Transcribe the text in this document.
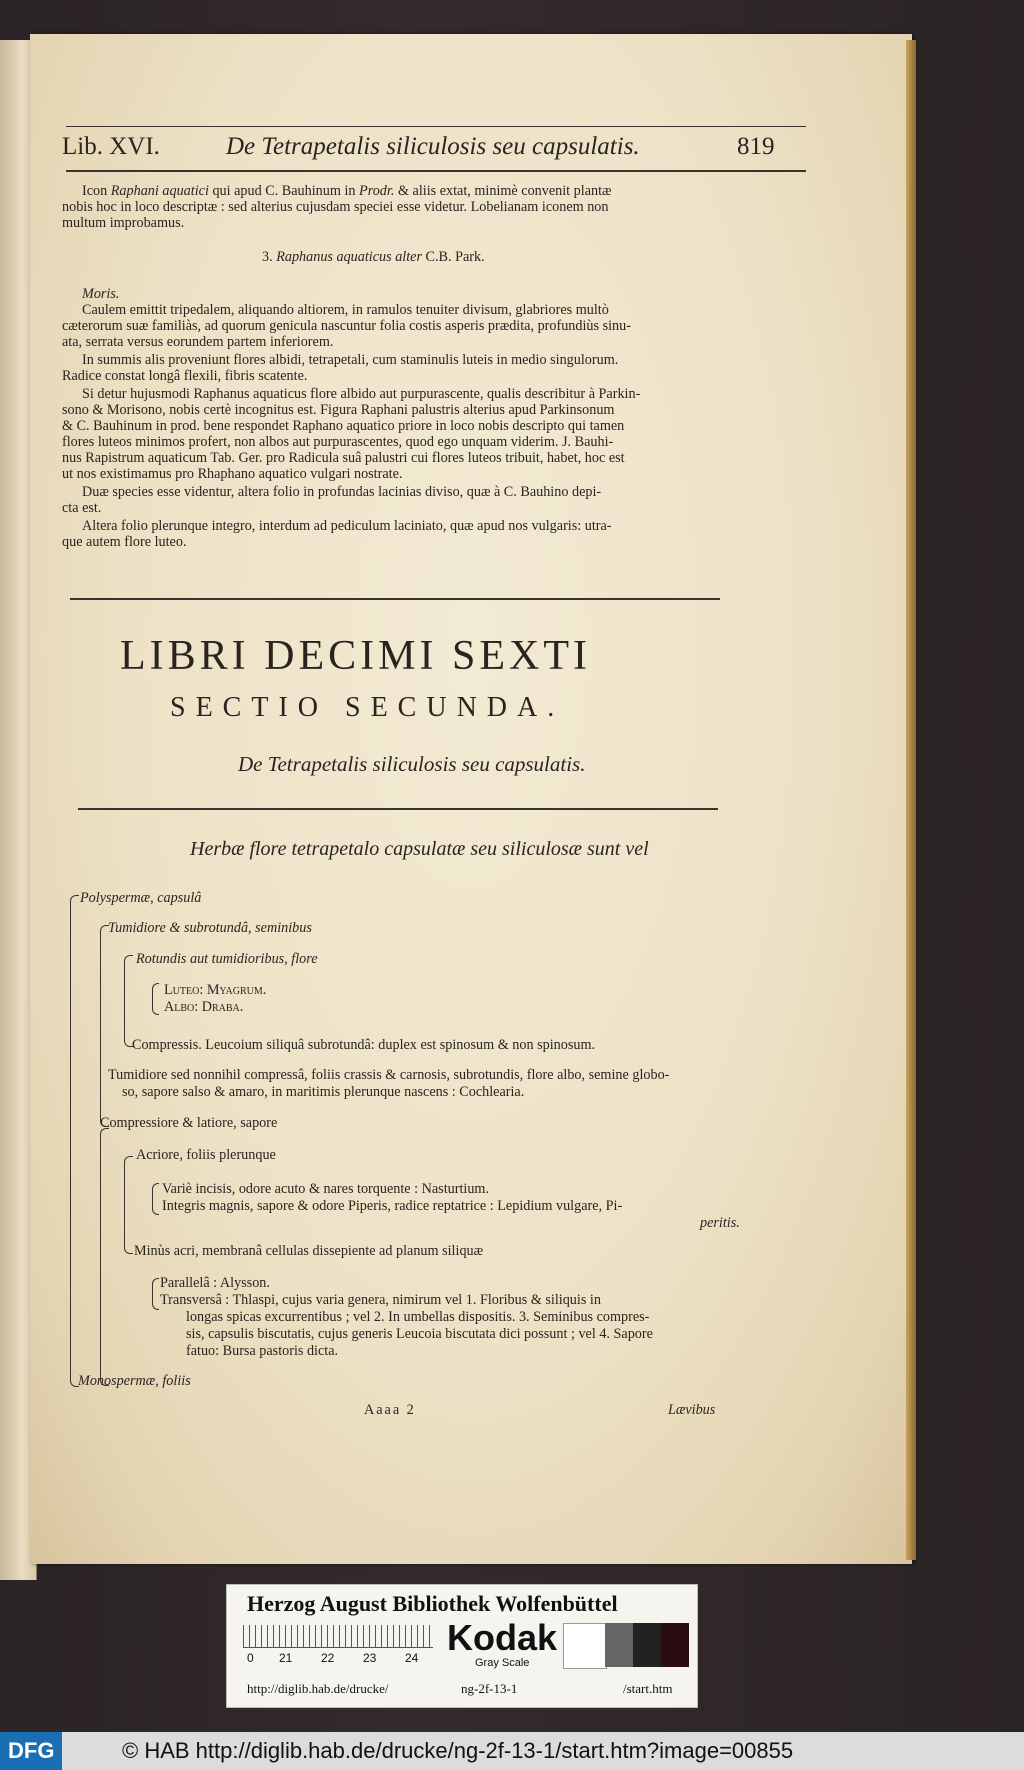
Lib. XVI.	De Tetrapetalis siliculosis seu capsulatis.	819
Icon Raphani aquatici qui apud C. Bauhinum in Prodr. & aliis extat, minimè convenit plantæ
nobis hoc in loco descriptæ : sed alterius cujusdam speciei esse videtur. Lobelianam iconem non
multum improbamus.
3. Raphanus aquaticus alter C.B. Park.
Moris.
Caulem emittit tripedalem, aliquando altiorem, in ramulos tenuiter divisum, glabriores multò
cæterorum suæ familiàs, ad quorum genicula nascuntur folia costis asperis prædita, profundiùs sinu-
ata, serrata versus eorundem partem inferiorem.
In summis alis proveniunt flores albidi, tetrapetali, cum staminulis luteis in medio singulorum.
Radice constat longâ flexili, fibris scatente.
Si detur hujusmodi Raphanus aquaticus flore albido aut purpurascente, qualis describitur à Parkin-
sono & Morisono, nobis certè incognitus est. Figura Raphani palustris alterius apud Parkinsonum
& C. Bauhinum in prod. bene respondet Raphano aquatico priore in loco nobis descripto qui tamen
flores luteos minimos profert, non albos aut purpurascentes, quod ego unquam viderim. J. Bauhi-
nus Rapistrum aquaticum Tab. Ger. pro Radicula suâ palustri cui flores luteos tribuit, habet, hoc est
ut nos existimamus pro Rhaphano aquatico vulgari nostrate.
Duæ species esse videntur, altera folio in profundas lacinias diviso, quæ à C. Bauhino depi-
cta est.
Altera folio plerunque integro, interdum ad pediculum laciniato, quæ apud nos vulgaris: utra-
que autem flore luteo.
LIBRI DECIMI SEXTI
SECTIO SECUNDA.
De Tetrapetalis siliculosis seu capsulatis.
Herbæ flore tetrapetalo capsulatæ seu siliculosæ sunt vel
Polyspermæ, capsulâ
Tumidiore & subrotundâ, seminibus
Rotundis aut tumidioribus, flore
Luteo: Myagrum.
Albo: Draba.
Compressis. Leucoium siliquâ subrotundâ: duplex est spinosum & non spinosum.
Tumidiore sed nonnihil compressâ, foliis crassis & carnosis, subrotundis, flore albo, semine globo-
so, sapore salso & amaro, in maritimis plerunque nascens : Cochlearia.
Compressiore & latiore, sapore
Acriore, foliis plerunque
Variè incisis, odore acuto & nares torquente : Nasturtium.
Integris magnis, sapore & odore Piperis, radice reptatrice : Lepidium vulgare, Pi-
peritis.
Minùs acri, membranâ cellulas dissepiente ad planum siliquæ
Parallelâ : Alysson.
Transversâ : Thlaspi, cujus varia genera, nimirum vel 1. Floribus & siliquis in
longas spicas excurrentibus ; vel 2. In umbellas dispositis. 3. Seminibus compres-
sis, capsulis biscutatis, cujus generis Leucoia biscutata dici possunt ; vel 4. Sapore
fatuo: Bursa pastoris dicta.
Monospermæ, foliis
Aaaa 2	Lævibus
Herzog August Bibliothek Wolfenbüttel
0 21 22 23 24 Kodak
Gray Scale
http://diglib.hab.de/drucke/	ng-2f-13-1	/start.htm
DFG	© HAB http://diglib.hab.de/drucke/ng-2f-13-1/start.htm?image=00855
